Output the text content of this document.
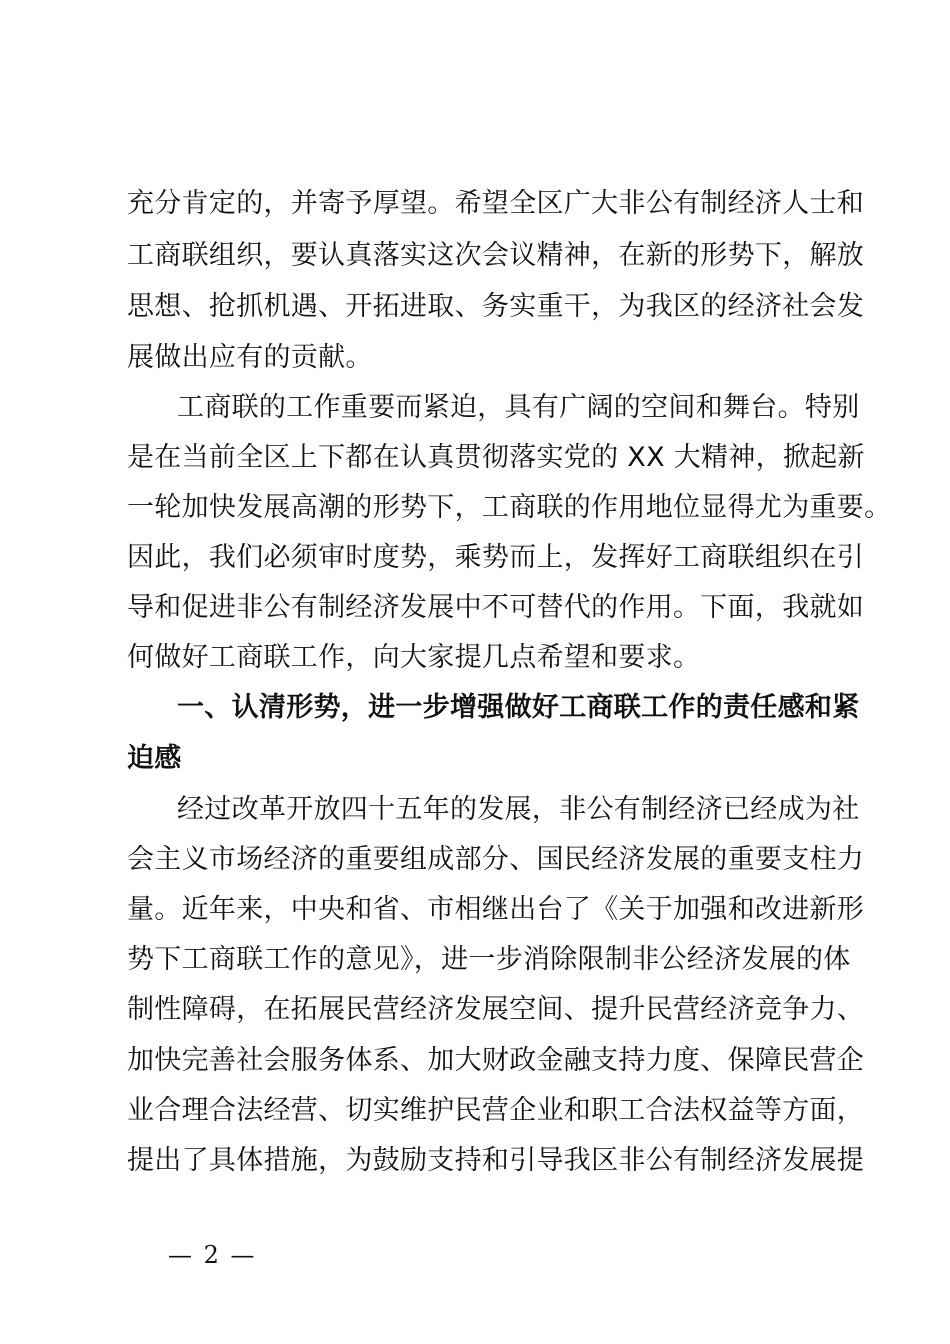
充分肯定的，并寄予厚望。希望全区广大非公有制经济人士和
工商联组织，要认真落实这次会议精神，在新的形势下，解放
思想、抢抓机遇、开拓进取、务实重干，为我区的经济社会发
展做出应有的贡献。
工商联的工作重要而紧迫，具有广阔的空间和舞台。特别
是在当前全区上下都在认真贯彻落实党的 XX 大精神，掀起新
一轮加快发展高潮的形势下，工商联的作用地位显得尤为重要。
因此，我们必须审时度势，乘势而上，发挥好工商联组织在引
导和促进非公有制经济发展中不可替代的作用。下面，我就如
何做好工商联工作，向大家提几点希望和要求。
一、认清形势，进一步增强做好工商联工作的责任感和紧
迫感
经过改革开放四十五年的发展，非公有制经济已经成为社
会主义市场经济的重要组成部分、国民经济发展的重要支柱力
量。近年来，中央和省、市相继出台了《关于加强和改进新形
势下工商联工作的意见》，进一步消除限制非公经济发展的体
制性障碍，在拓展民营经济发展空间、提升民营经济竞争力、
加快完善社会服务体系、加大财政金融支持力度、保障民营企
业合理合法经营、切实维护民营企业和职工合法权益等方面，
提出了具体措施，为鼓励支持和引导我区非公有制经济发展提
— 2 —
